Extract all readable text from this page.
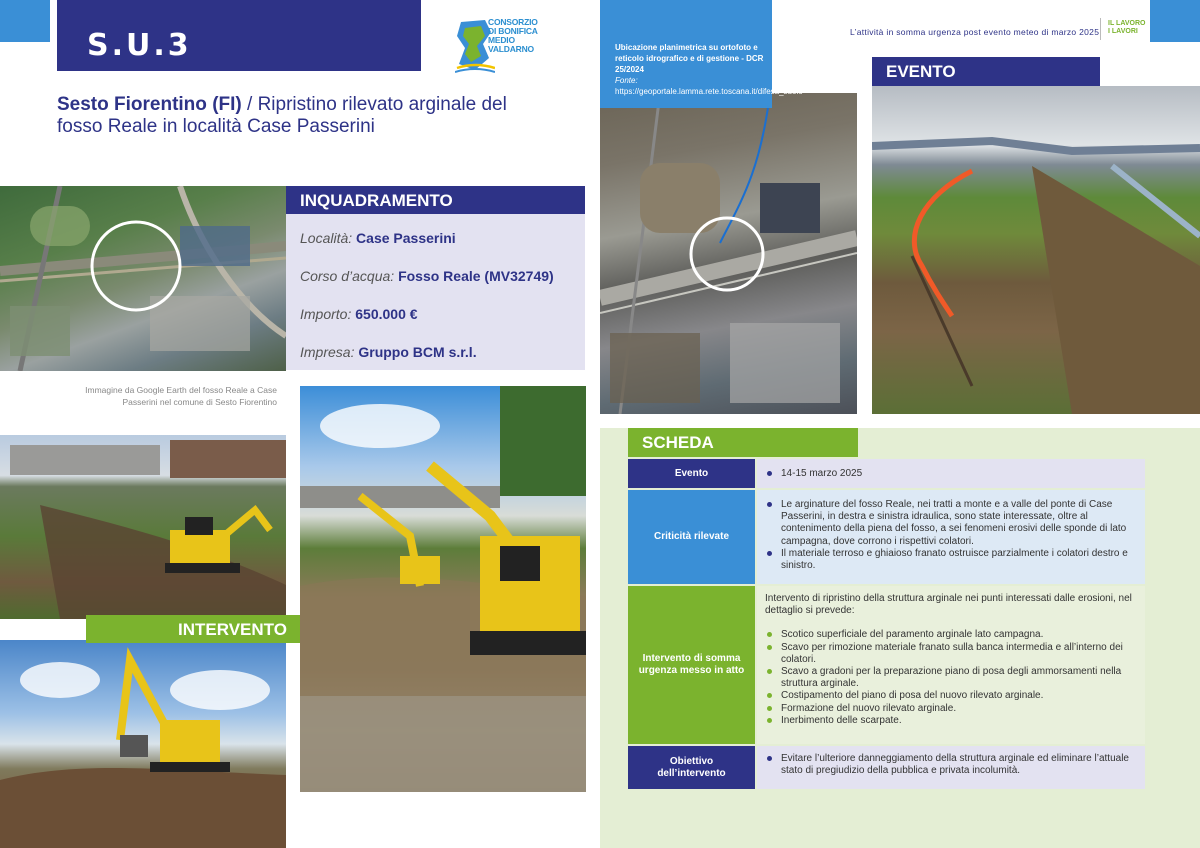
S.U.3
CONSORZIO
DI BONIFICA
MEDIO
VALDARNO
Sesto Fiorentino (FI) / Ripristino rilevato arginale del fosso Reale in località Case Passerini
Immagine da Google Earth del fosso Reale a Case Passerini nel comune di Sesto Fiorentino
Località: Case Passerini
Corso d’acqua: Fosso Reale (MV32749)
Importo: 650.000 €
Impresa: Gruppo BCM s.r.l.
INQUADRAMENTO
INTERVENTO
Ubicazione planimetrica su ortofoto e reticolo idrografico e di gestione - DCR 25/2024
Fonte: https://geoportale.lamma.rete.toscana.it/difesa_suolo
L’attività in somma urgenza post evento meteo di marzo 2025
IL LAVORO
I LAVORI
EVENTO
SCHEDA
Evento	14-15 marzo 2025
Criticità rilevate
Le arginature del fosso Reale, nei tratti a monte e a valle del ponte di Case Passerini, in destra e sinistra idraulica, sono state interessate, oltre al contenimento della piena del fosso, a sei fenomeni erosivi delle sponde di lato campagna, dove corrono i rispettivi colatori.
Il materiale terroso e ghiaioso franato ostruisce parzialmente i colatori destro e sinistro.
Intervento di somma urgenza messo in atto
Intervento di ripristino della struttura arginale nei punti interessati dalle erosioni, nel dettaglio si prevede:
Scotico superficiale del paramento arginale lato campagna.
Scavo per rimozione materiale franato sulla banca intermedia e all’interno dei colatori.
Scavo a gradoni per la preparazione piano di posa degli ammorsamenti nella struttura arginale.
Costipamento del piano di posa del nuovo rilevato arginale.
Formazione del nuovo rilevato arginale.
Inerbimento delle scarpate.
Obiettivo dell’intervento
Evitare l’ulteriore danneggiamento della struttura arginale ed eliminare l’attuale stato di pregiudizio della pubblica e privata incolumità.
